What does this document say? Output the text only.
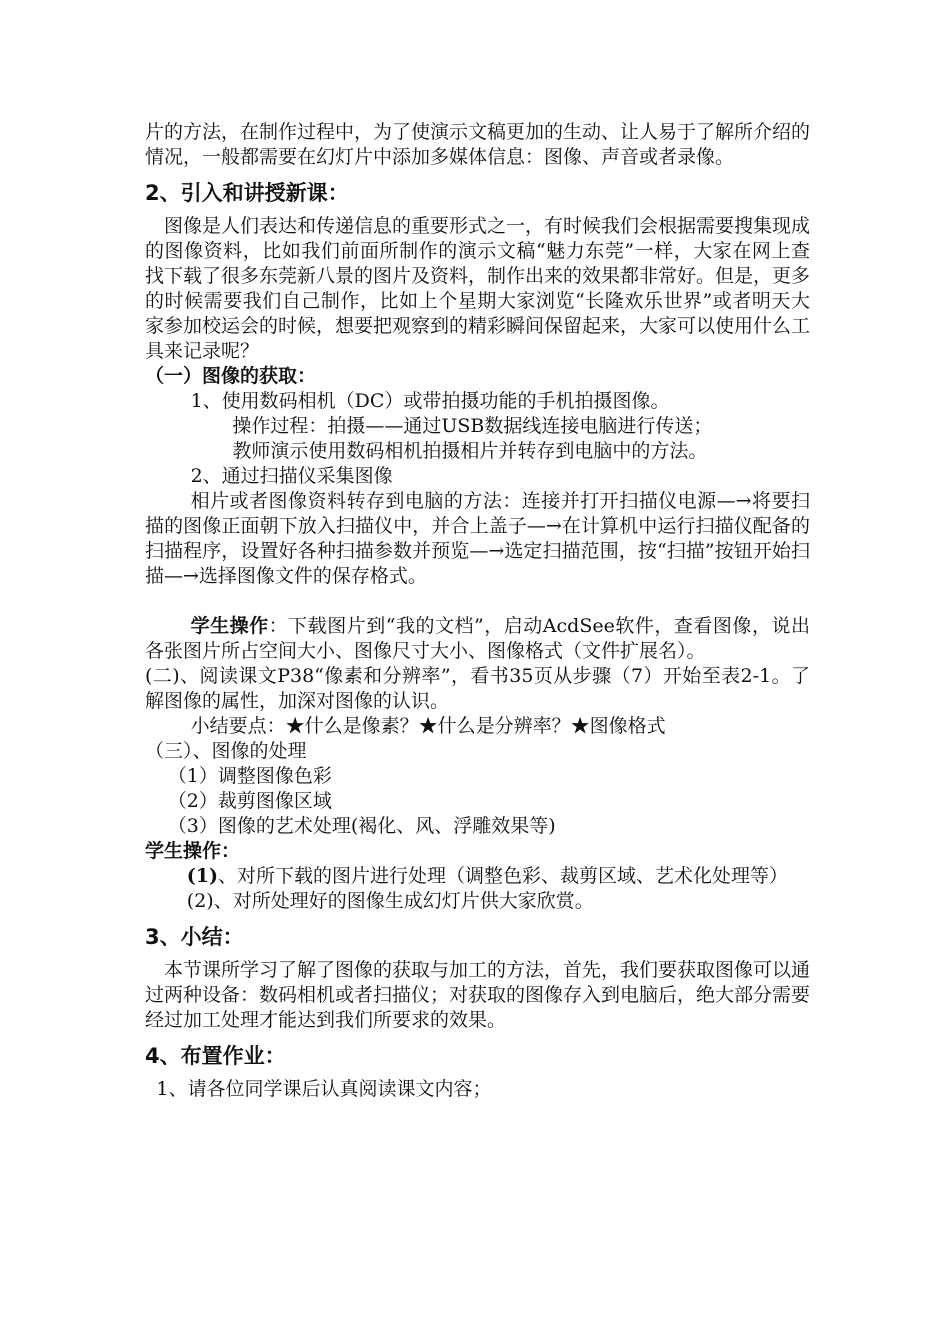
片的方法，在制作过程中，为了使演示文稿更加的生动、让人易于了解所介绍的情况，一般都需要在幻灯片中添加多媒体信息：图像、声音或者录像。

2、引入和讲授新课：

图像是人们表达和传递信息的重要形式之一，有时候我们会根据需要搜集现成的图像资料，比如我们前面所制作的演示文稿“魅力东莞”一样，大家在网上查找下载了很多东莞新八景的图片及资料，制作出来的效果都非常好。但是，更多的时候需要我们自己制作，比如上个星期大家浏览“长隆欢乐世界”或者明天大家参加校运会的时候，想要把观察到的精彩瞬间保留起来，大家可以使用什么工具来记录呢？

（一）图像的获取：

1、使用数码相机（DC）或带拍摄功能的手机拍摄图像。

操作过程：拍摄——通过USB数据线连接电脑进行传送；

教师演示使用数码相机拍摄相片并转存到电脑中的方法。

2、通过扫描仪采集图像

相片或者图像资料转存到电脑的方法：连接并打开扫描仪电源—→将要扫描的图像正面朝下放入扫描仪中，并合上盖子—→在计算机中运行扫描仪配备的扫描程序，设置好各种扫描参数并预览—→选定扫描范围，按“扫描”按钮开始扫描—→选择图像文件的保存格式。

学生操作：下载图片到“我的文档”，启动AcdSee软件，查看图像，说出各张图片所占空间大小、图像尺寸大小、图像格式（文件扩展名）。

(二)、阅读课文P38“像素和分辨率”，看书35页从步骤（7）开始至表2-1。了解图像的属性，加深对图像的认识。

小结要点：★什么是像素？★什么是分辨率？★图像格式

（三）、图像的处理

（1）调整图像色彩

（2）裁剪图像区域

（3）图像的艺术处理(褐化、风、浮雕效果等)

学生操作：

(1)、对所下载的图片进行处理（调整色彩、裁剪区域、艺术化处理等）

(2)、对所处理好的图像生成幻灯片供大家欣赏。

3、小结：

本节课所学习了解了图像的获取与加工的方法，首先，我们要获取图像可以通过两种设备：数码相机或者扫描仪；对获取的图像存入到电脑后，绝大部分需要经过加工处理才能达到我们所要求的效果。

4、布置作业：

1、请各位同学课后认真阅读课文内容；
